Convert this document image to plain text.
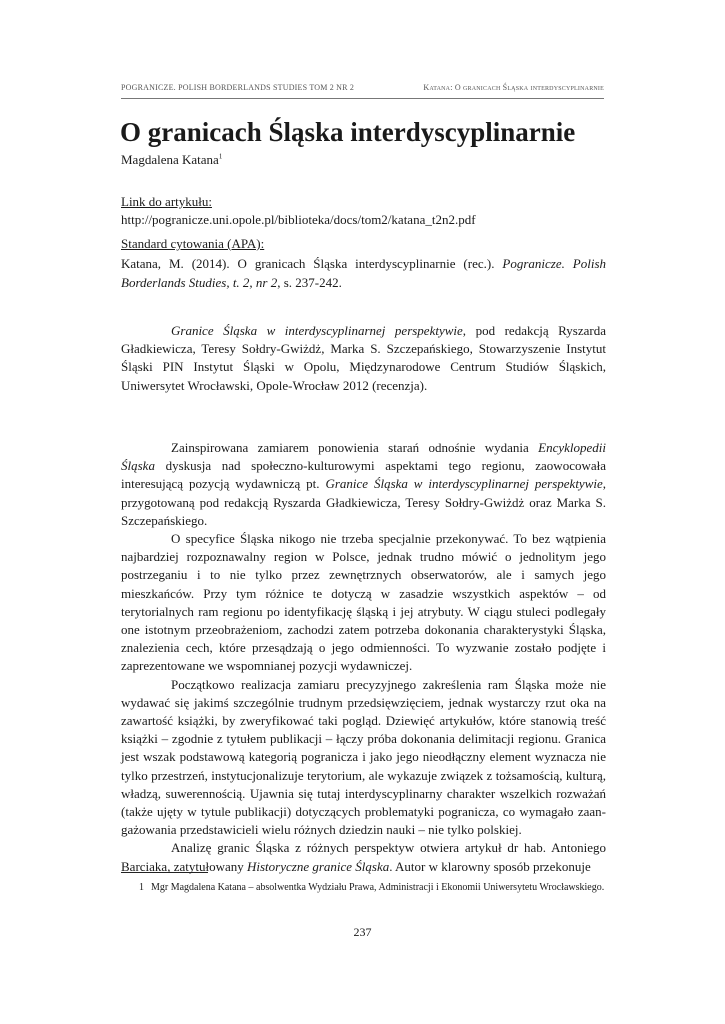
POGRANICZE. POLISH BORDERLANDS STUDIES TOM 2 NR 2	Katana: O granicach Śląska interdyscyplinarnie
O granicach Śląska interdyscyplinarnie
Magdalena Katana$^1$
Link do artykułu:
http://pogranicze.uni.opole.pl/biblioteka/docs/tom2/katana_t2n2.pdf
Standard cytowania (APA):
Katana, M. (2014). O granicach Śląska interdyscyplinarnie (rec.). Pogranicze. Polish Borderlands Studies, t. 2, nr 2, s. 237-242.

Granice Śląska w interdyscyplinarnej perspektywie, pod redakcją Ryszarda Gładkiewicza, Teresy Sołdry-Gwiżdż, Marka S. Szczepańskiego, Stowarzyszenie Instytut Śląski PIN Instytut Śląski w Opolu, Międzynarodowe Centrum Studiów Śląskich, Uniwersytet Wrocławski, Opole-Wrocław 2012 (recenzja).

Zainspirowana zamiarem ponowienia starań odnośnie wydania Encyklopedii Śląska dyskusja nad społeczno-kulturowymi aspektami tego regionu, zaowocowała interesującą pozycją wydawniczą pt. Granice Śląska w interdyscyplinarnej perspektywie, przygotowaną pod redakcją Ryszarda Gładkiewicza, Teresy Sołdry-Gwiżdż oraz Marka S. Szczepańskiego.

O specyfice Śląska nikogo nie trzeba specjalnie przekonywać. To bez wątpienia najbardziej rozpoznawalny region w Polsce, jednak trudno mówić o jednolitym jego postrzeganiu i to nie tylko przez zewnętrznych obserwatorów, ale i samych jego mieszkańców. Przy tym różnice te dotyczą w zasadzie wszystkich aspektów – od terytorialnych ram regionu po identyfikację śląską i jej atrybuty. W ciągu stuleci podlegały one istotnym przeobrażeniom, zachodzi zatem potrzeba dokonania charakterystyki Śląska, znalezienia cech, które przesądzają o jego odmienności. To wyzwanie zostało podjęte i zaprezentowane we wspomnianej pozycji wydawniczej.

Początkowo realizacja zamiaru precyzyjnego zakreślenia ram Śląska może nie wydawać się jakimś szczególnie trudnym przedsięwzięciem, jednak wystarczy rzut oka na zawartość książki, by zweryfikować taki pogląd. Dziewięć artykułów, które stanowią treść książki – zgodnie z tytułem publikacji – łączy próba dokonania delimitacji regionu. Granica jest wszak podstawową kategorią pogranicza i jako jego nieodłączny element wyznacza nie tylko przestrzeń, instytucjonalizuje terytorium, ale wykazuje związek z tożsamością, kulturą, władzą, suwerennością. Ujawnia się tutaj interdyscyplinarny charakter wszelkich rozważań (także ujęty w tytule publikacji) dotyczących problematyki pogranicza, co wymagało zaangażowania przedstawicieli wielu różnych dziedzin nauki – nie tylko polskiej.

Analizę granic Śląska z różnych perspektyw otwiera artykuł dr hab. Antoniego Barciaka, zatytułowany Historyczne granice Śląska. Autor w klarowny sposób przekonuje

1 Mgr Magdalena Katana – absolwentka Wydziału Prawa, Administracji i Ekonomii Uniwersytetu Wrocławskiego.
237
